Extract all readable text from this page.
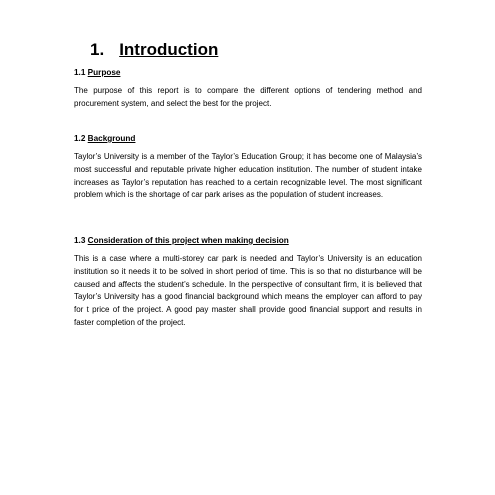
1. Introduction
1.1 Purpose

The purpose of this report is to compare the different options of tendering method and procurement system, and select the best for the project.

1.2 Background

Taylor’s University is a member of the Taylor’s Education Group; it has become one of Malaysia’s most successful and reputable private higher education institution. The number of student intake increases as Taylor’s reputation has reached to a certain recognizable level. The most significant problem which is the shortage of car park arises as the population of student increases.

1.3 Consideration of this project when making decision

This is a case where a multi-storey car park is needed and Taylor’s University is an education institution so it needs it to be solved in short period of time. This is so that no disturbance will be caused and affects the student’s schedule. In the perspective of consultant firm, it is believed that Taylor’s University has a good financial background which means the employer can afford to pay for t price of the project. A good pay master shall provide good financial support and results in faster completion of the project.
